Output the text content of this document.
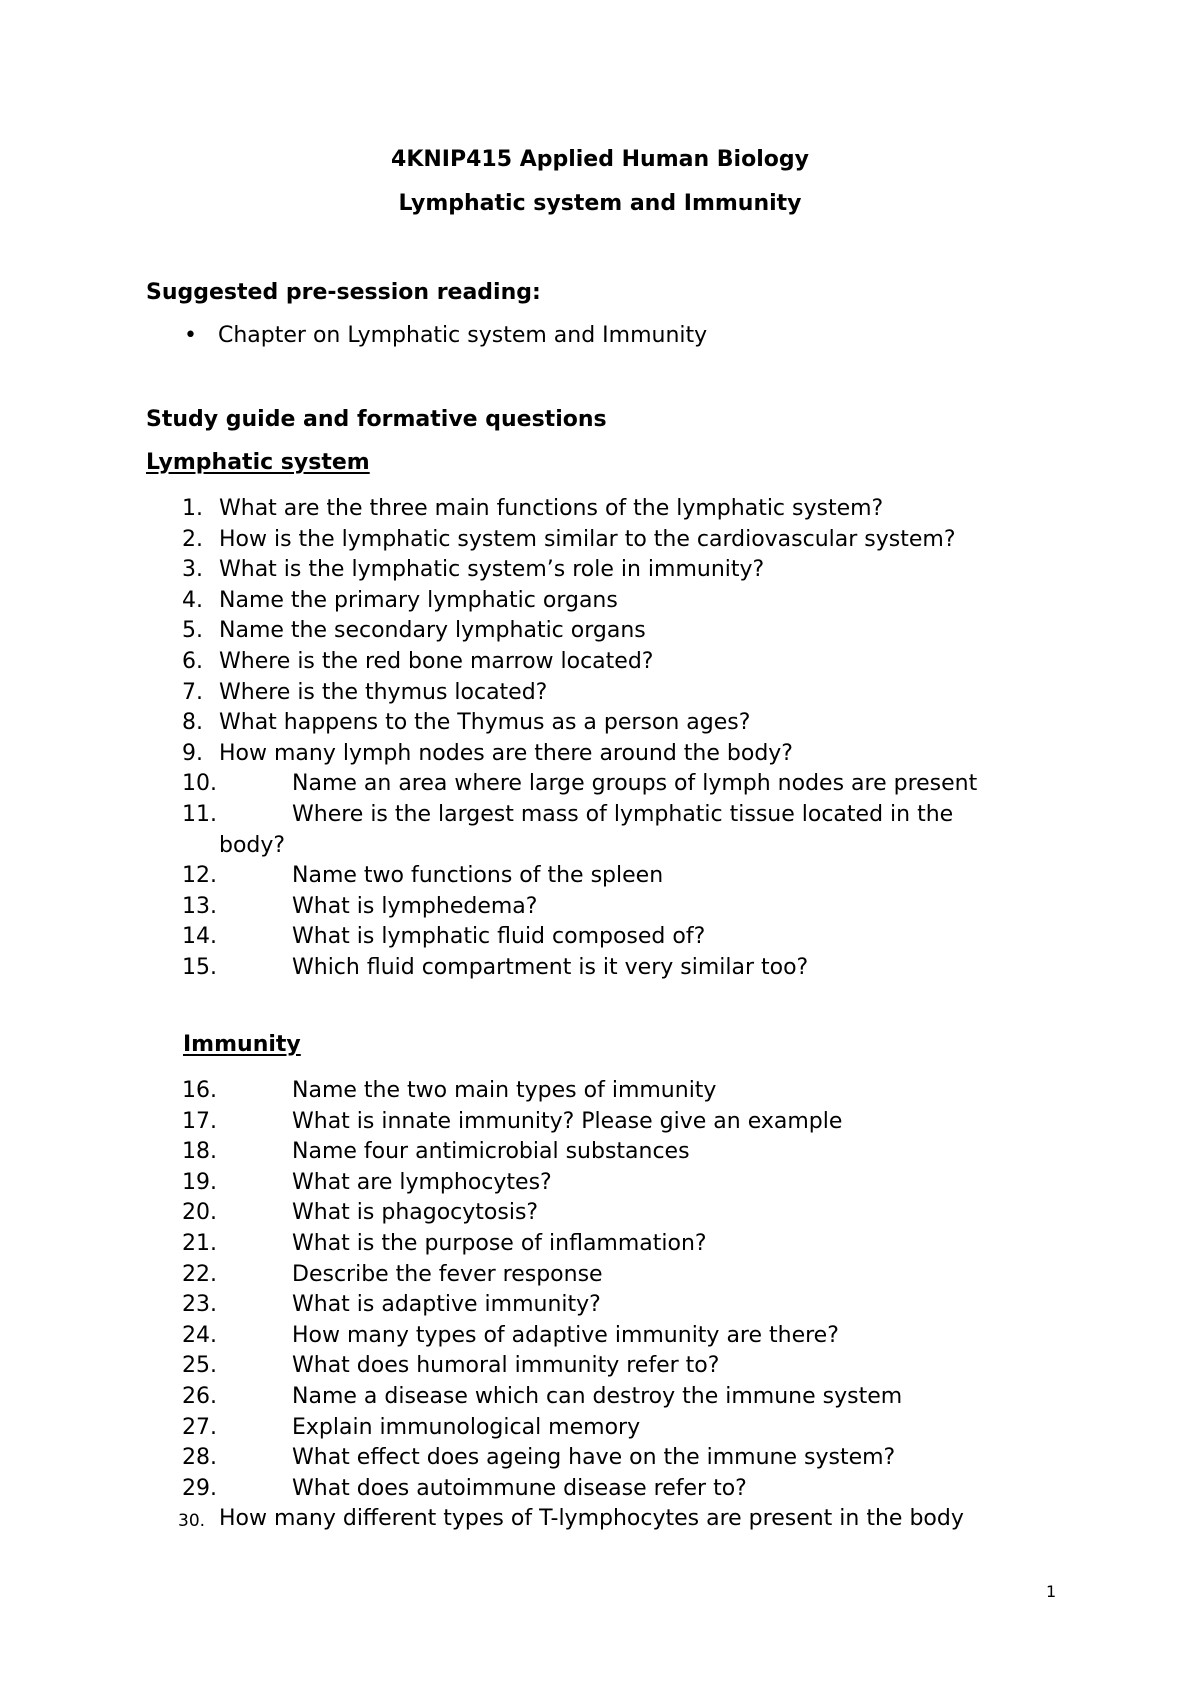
4KNIP415 Applied Human Biology
Lymphatic system and Immunity
Suggested pre-session reading:
• Chapter on Lymphatic system and Immunity
Study guide and formative questions
Lymphatic system
1. What are the three main functions of the lymphatic system?
2. How is the lymphatic system similar to the cardiovascular system?
3. What is the lymphatic system’s role in immunity?
4. Name the primary lymphatic organs
5. Name the secondary lymphatic organs
6. Where is the red bone marrow located?
7. Where is the thymus located?
8. What happens to the Thymus as a person ages?
9. How many lymph nodes are there around the body?
10.	Name an area where large groups of lymph nodes are present
11.	Where is the largest mass of lymphatic tissue located in the
body?
12.	Name two functions of the spleen
13.	What is lymphedema?
14.	What is lymphatic fluid composed of?
15.	Which fluid compartment is it very similar too?
Immunity
16.	Name the two main types of immunity
17.	What is innate immunity? Please give an example
18.	Name four antimicrobial substances
19.	What are lymphocytes?
20.	What is phagocytosis?
21.	What is the purpose of inflammation?
22.	Describe the fever response
23.	What is adaptive immunity?
24.	How many types of adaptive immunity are there?
25.	What does humoral immunity refer to?
26.	Name a disease which can destroy the immune system
27.	Explain immunological memory
28.	What effect does ageing have on the immune system?
29.	What does autoimmune disease refer to?
30. How many different types of T-lymphocytes are present in the body
1
